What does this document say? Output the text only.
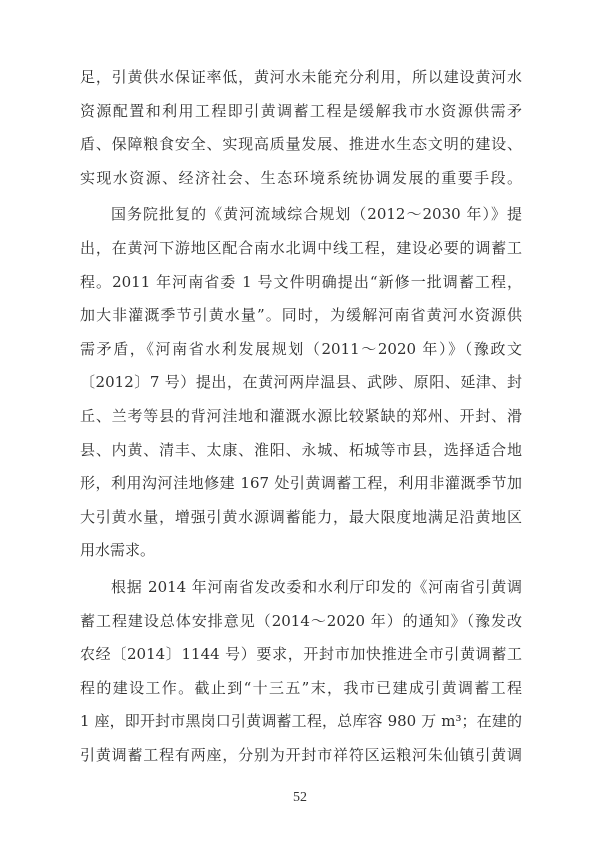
足，引黄供水保证率低，黄河水未能充分利用，所以建设黄河水
资源配置和利用工程即引黄调蓄工程是缓解我市水资源供需矛
盾、保障粮食安全、实现高质量发展、推进水生态文明的建设、
实现水资源、经济社会、生态环境系统协调发展的重要手段。
国务院批复的《黄河流域综合规划（2012～2030 年）》提
出，在黄河下游地区配合南水北调中线工程，建设必要的调蓄工
程。2011 年河南省委 1 号文件明确提出“新修一批调蓄工程，
加大非灌溉季节引黄水量”。同时，为缓解河南省黄河水资源供
需矛盾，《河南省水利发展规划（2011～2020 年）》（豫政文
〔2012〕7 号）提出，在黄河两岸温县、武陟、原阳、延津、封
丘、兰考等县的背河洼地和灌溉水源比较紧缺的郑州、开封、滑
县、内黄、清丰、太康、淮阳、永城、柘城等市县，选择适合地
形，利用沟河洼地修建 167 处引黄调蓄工程，利用非灌溉季节加
大引黄水量，增强引黄水源调蓄能力，最大限度地满足沿黄地区
用水需求。
根据 2014 年河南省发改委和水利厅印发的《河南省引黄调
蓄工程建设总体安排意见（2014～2020 年）的通知》（豫发改
农经〔2014〕1144 号）要求，开封市加快推进全市引黄调蓄工
程的建设工作。截止到“十三五”末，我市已建成引黄调蓄工程
1 座，即开封市黑岗口引黄调蓄工程，总库容 980 万 m³；在建的
引黄调蓄工程有两座，分别为开封市祥符区运粮河朱仙镇引黄调
52
